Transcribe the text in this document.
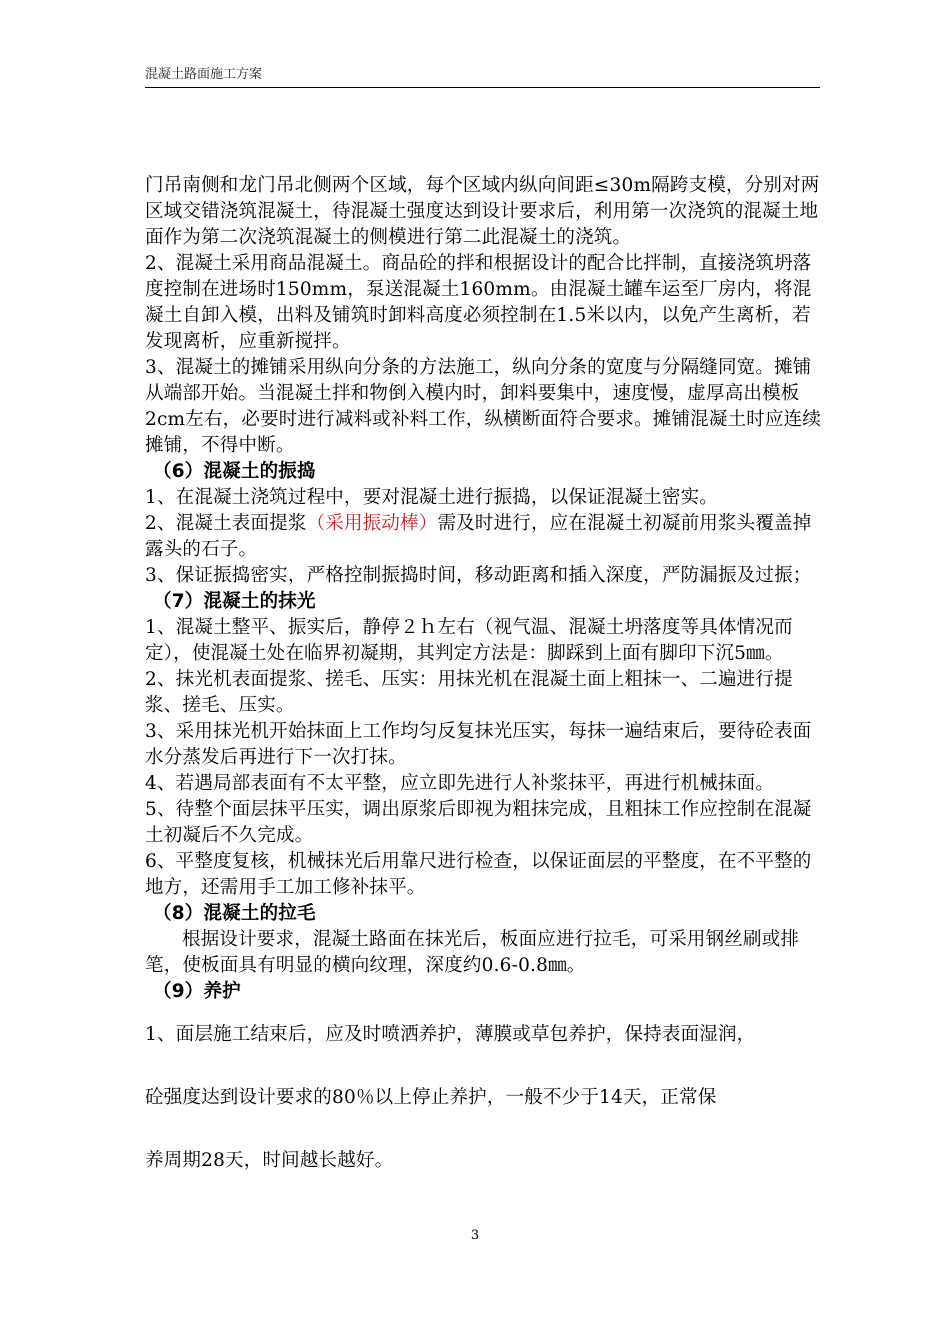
混凝土路面施工方案

门吊南侧和龙门吊北侧两个区域，每个区域内纵向间距≤30m隔跨支模，分别对两区域交错浇筑混凝土，待混凝土强度达到设计要求后，利用第一次浇筑的混凝土地面作为第二次浇筑混凝土的侧模进行第二此混凝土的浇筑。

2、混凝土采用商品混凝土。商品砼的拌和根据设计的配合比拌制，直接浇筑坍落度控制在进场时150mm，泵送混凝土160mm。由混凝土罐车运至厂房内，将混凝土自卸入模，出料及铺筑时卸料高度必须控制在1.5米以内，以免产生离析，若发现离析，应重新搅拌。

3、混凝土的摊铺采用纵向分条的方法施工，纵向分条的宽度与分隔缝同宽。摊铺从端部开始。当混凝土拌和物倒入模内时，卸料要集中，速度慢，虚厚高出模板2cm左右，必要时进行减料或补料工作，纵横断面符合要求。摊铺混凝土时应连续摊铺，不得中断。

（6）混凝土的振捣

1、在混凝土浇筑过程中，要对混凝土进行振捣，以保证混凝土密实。

2、混凝土表面提浆（采用振动棒）需及时进行，应在混凝土初凝前用浆头覆盖掉露头的石子。

3、保证振捣密实，严格控制振捣时间，移动距离和插入深度，严防漏振及过振；

（7）混凝土的抹光

1、混凝土整平、振实后，静停２ｈ左右（视气温、混凝土坍落度等具体情况而定），使混凝土处在临界初凝期，其判定方法是：脚踩到上面有脚印下沉5㎜。

2、抹光机表面提浆、搓毛、压实：用抹光机在混凝土面上粗抹一、二遍进行提浆、搓毛、压实。

3、采用抹光机开始抹面上工作均匀反复抹光压实，每抹一遍结束后，要待砼表面水分蒸发后再进行下一次打抹。

4、若遇局部表面有不太平整，应立即先进行人补浆抹平，再进行机械抹面。

5、待整个面层抹平压实，调出原浆后即视为粗抹完成，且粗抹工作应控制在混凝土初凝后不久完成。

6、平整度复核，机械抹光后用靠尺进行检查，以保证面层的平整度，在不平整的地方，还需用手工加工修补抹平。

（8）混凝土的拉毛

根据设计要求，混凝土路面在抹光后，板面应进行拉毛，可采用钢丝刷或排笔，使板面具有明显的横向纹理，深度约0.6-0.8㎜。

（9）养护

1、面层施工结束后，应及时喷洒养护，薄膜或草包养护，保持表面湿润，

砼强度达到设计要求的80％以上停止养护，一般不少于14天，正常保

养周期28天，时间越长越好。

3
